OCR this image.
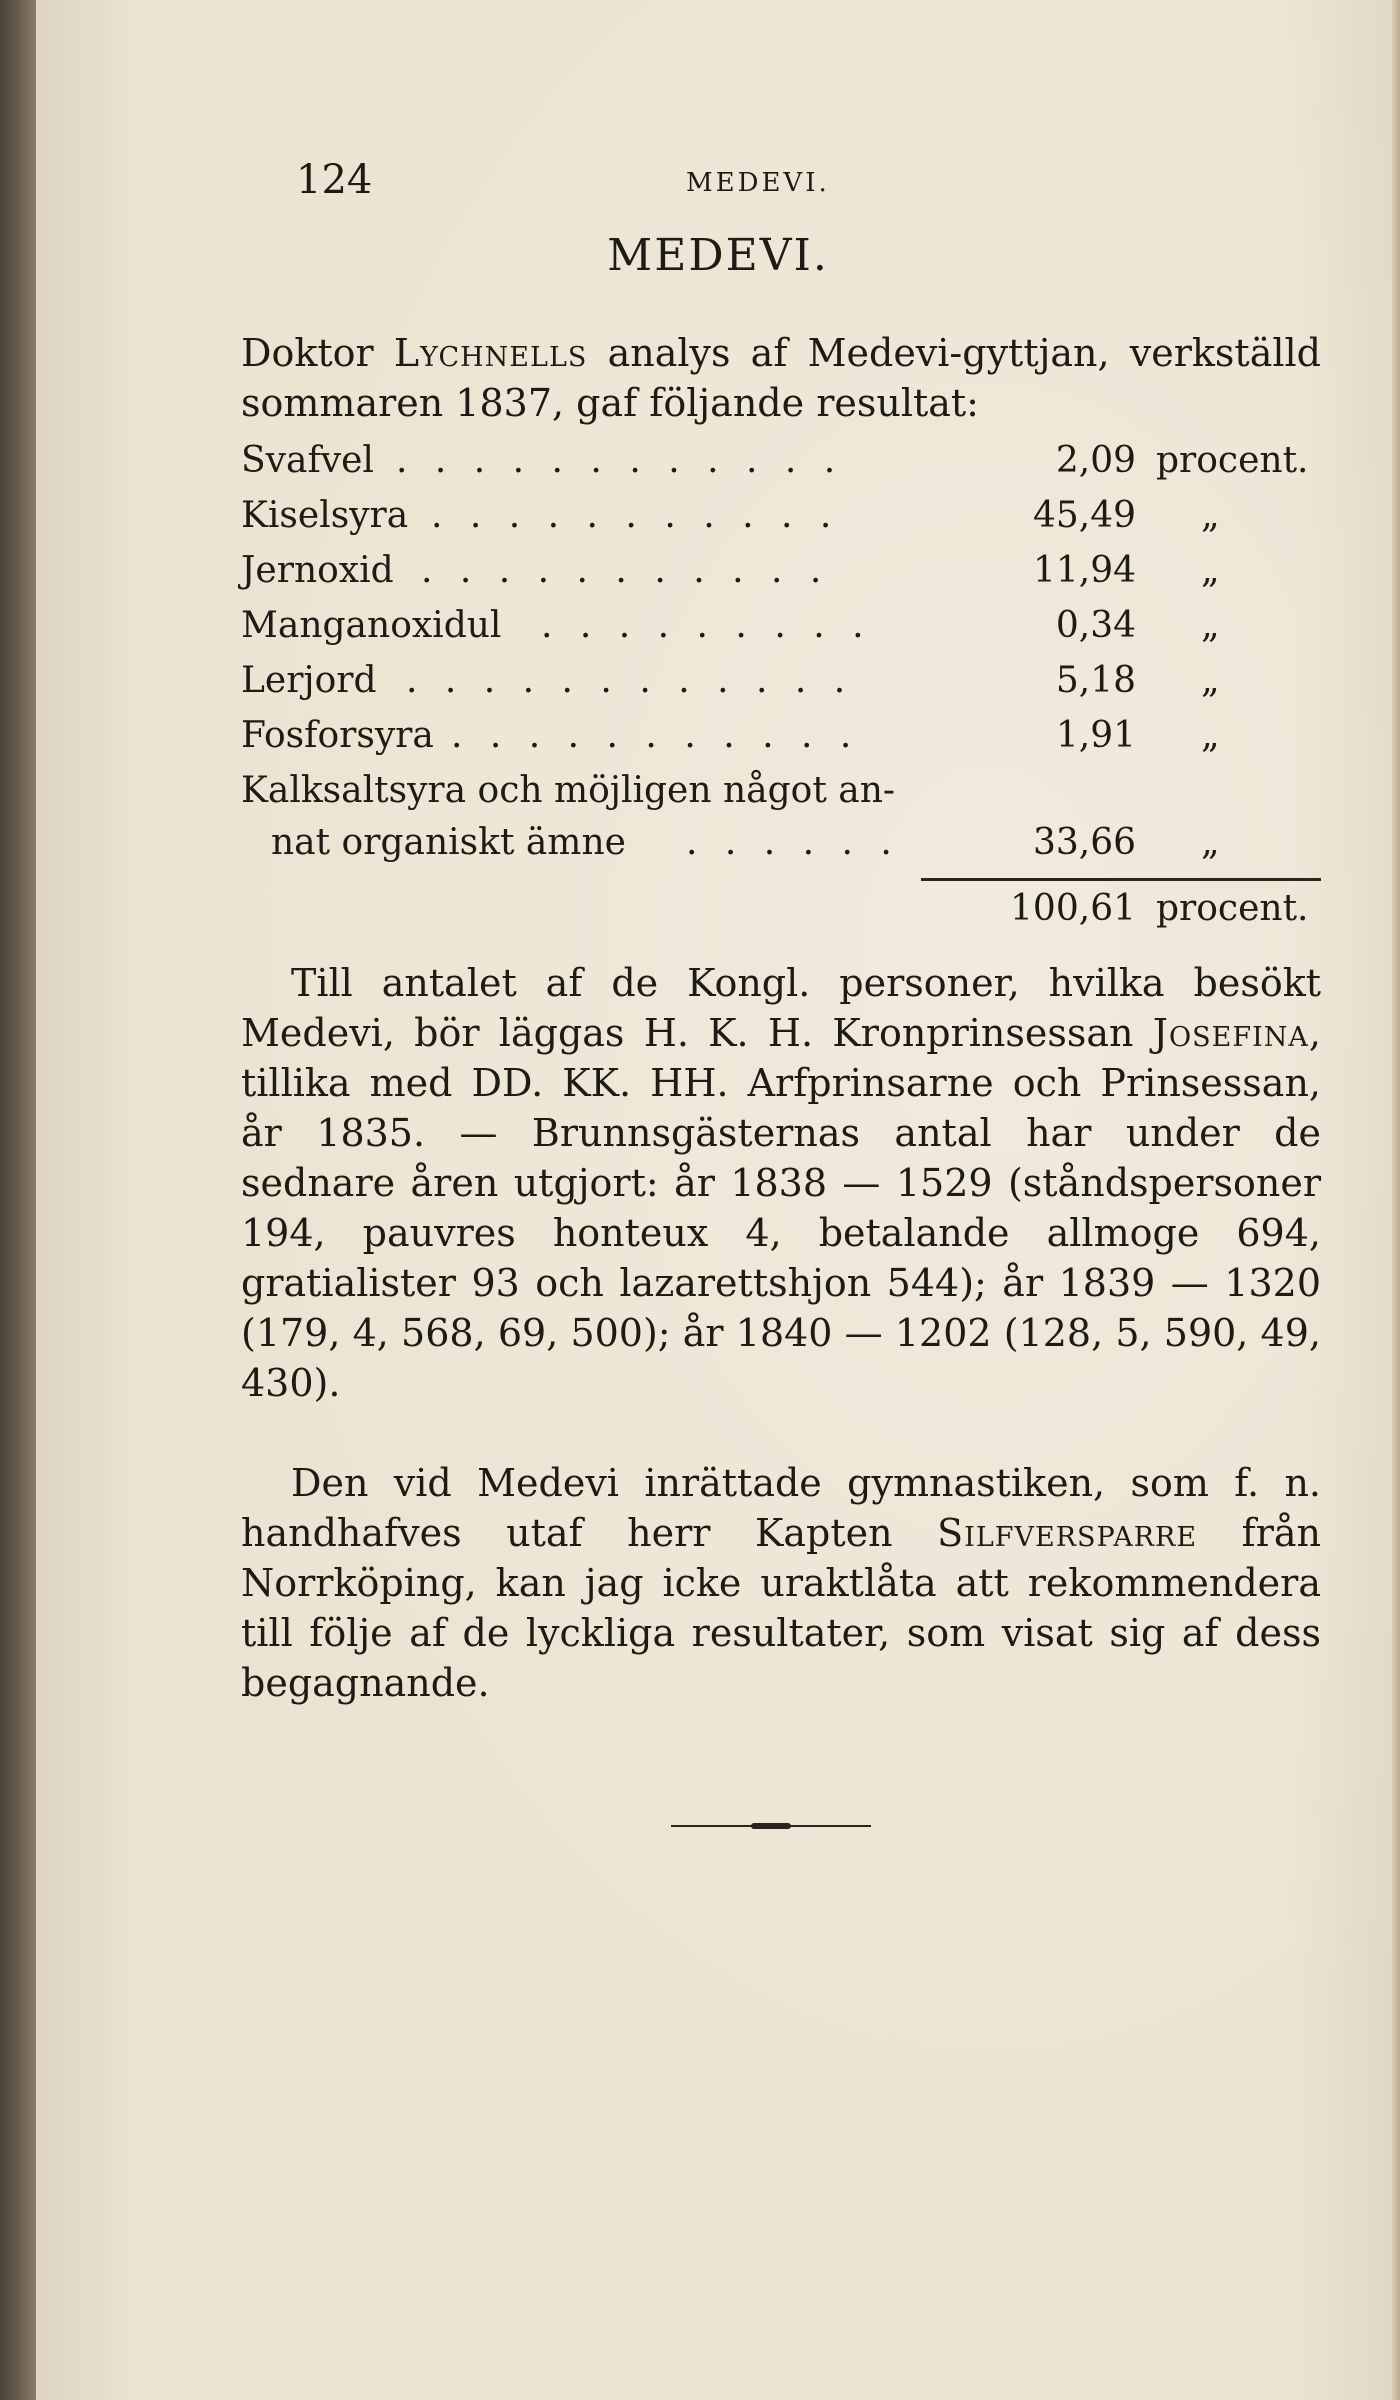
124	MEDEVI.
MEDEVI.

Doktor Lychnells analys af Medevi-gyttjan, verkställd sommaren 1837, gaf följande resultat:

Svafvel . . . . . . . . . . . .	2,09 procent.
Kiselsyra . . . . . . . . . . .	45,49 „
Jernoxid . . . . . . . . . . .	11,94 „
Manganoxidul . . . . . . . . .	0,34 „
Lerjord . . . . . . . . . . . .	5,18 „
Fosforsyra . . . . . . . . . . .	1,91 „
Kalksaltsyra och möjligen något an-
nat organiskt ämne . . . . . .	33,66 „
100,61 procent.

Till antalet af de Kongl. personer, hvilka besökt Medevi, bör läggas H. K. H. Kronprinsessan Josefina, tillika med DD. KK. HH. Arfprinsarne och Prinsessan, år 1835. — Brunnsgästernas antal har under de sednare åren utgjort: år 1838 — 1529 (ståndspersoner 194, pauvres honteux 4, betalande allmoge 694, gratialister 93 och lazarettshjon 544); år 1839 — 1320 (179, 4, 568, 69, 500); år 1840 — 1202 (128, 5, 590, 49, 430).

Den vid Medevi inrättade gymnastiken, som f. n. handhafves utaf herr Kapten Silfversparre från Norrköping, kan jag icke uraktlåta att rekommendera till följe af de lyckliga resultater, som visat sig af dess begagnande.
